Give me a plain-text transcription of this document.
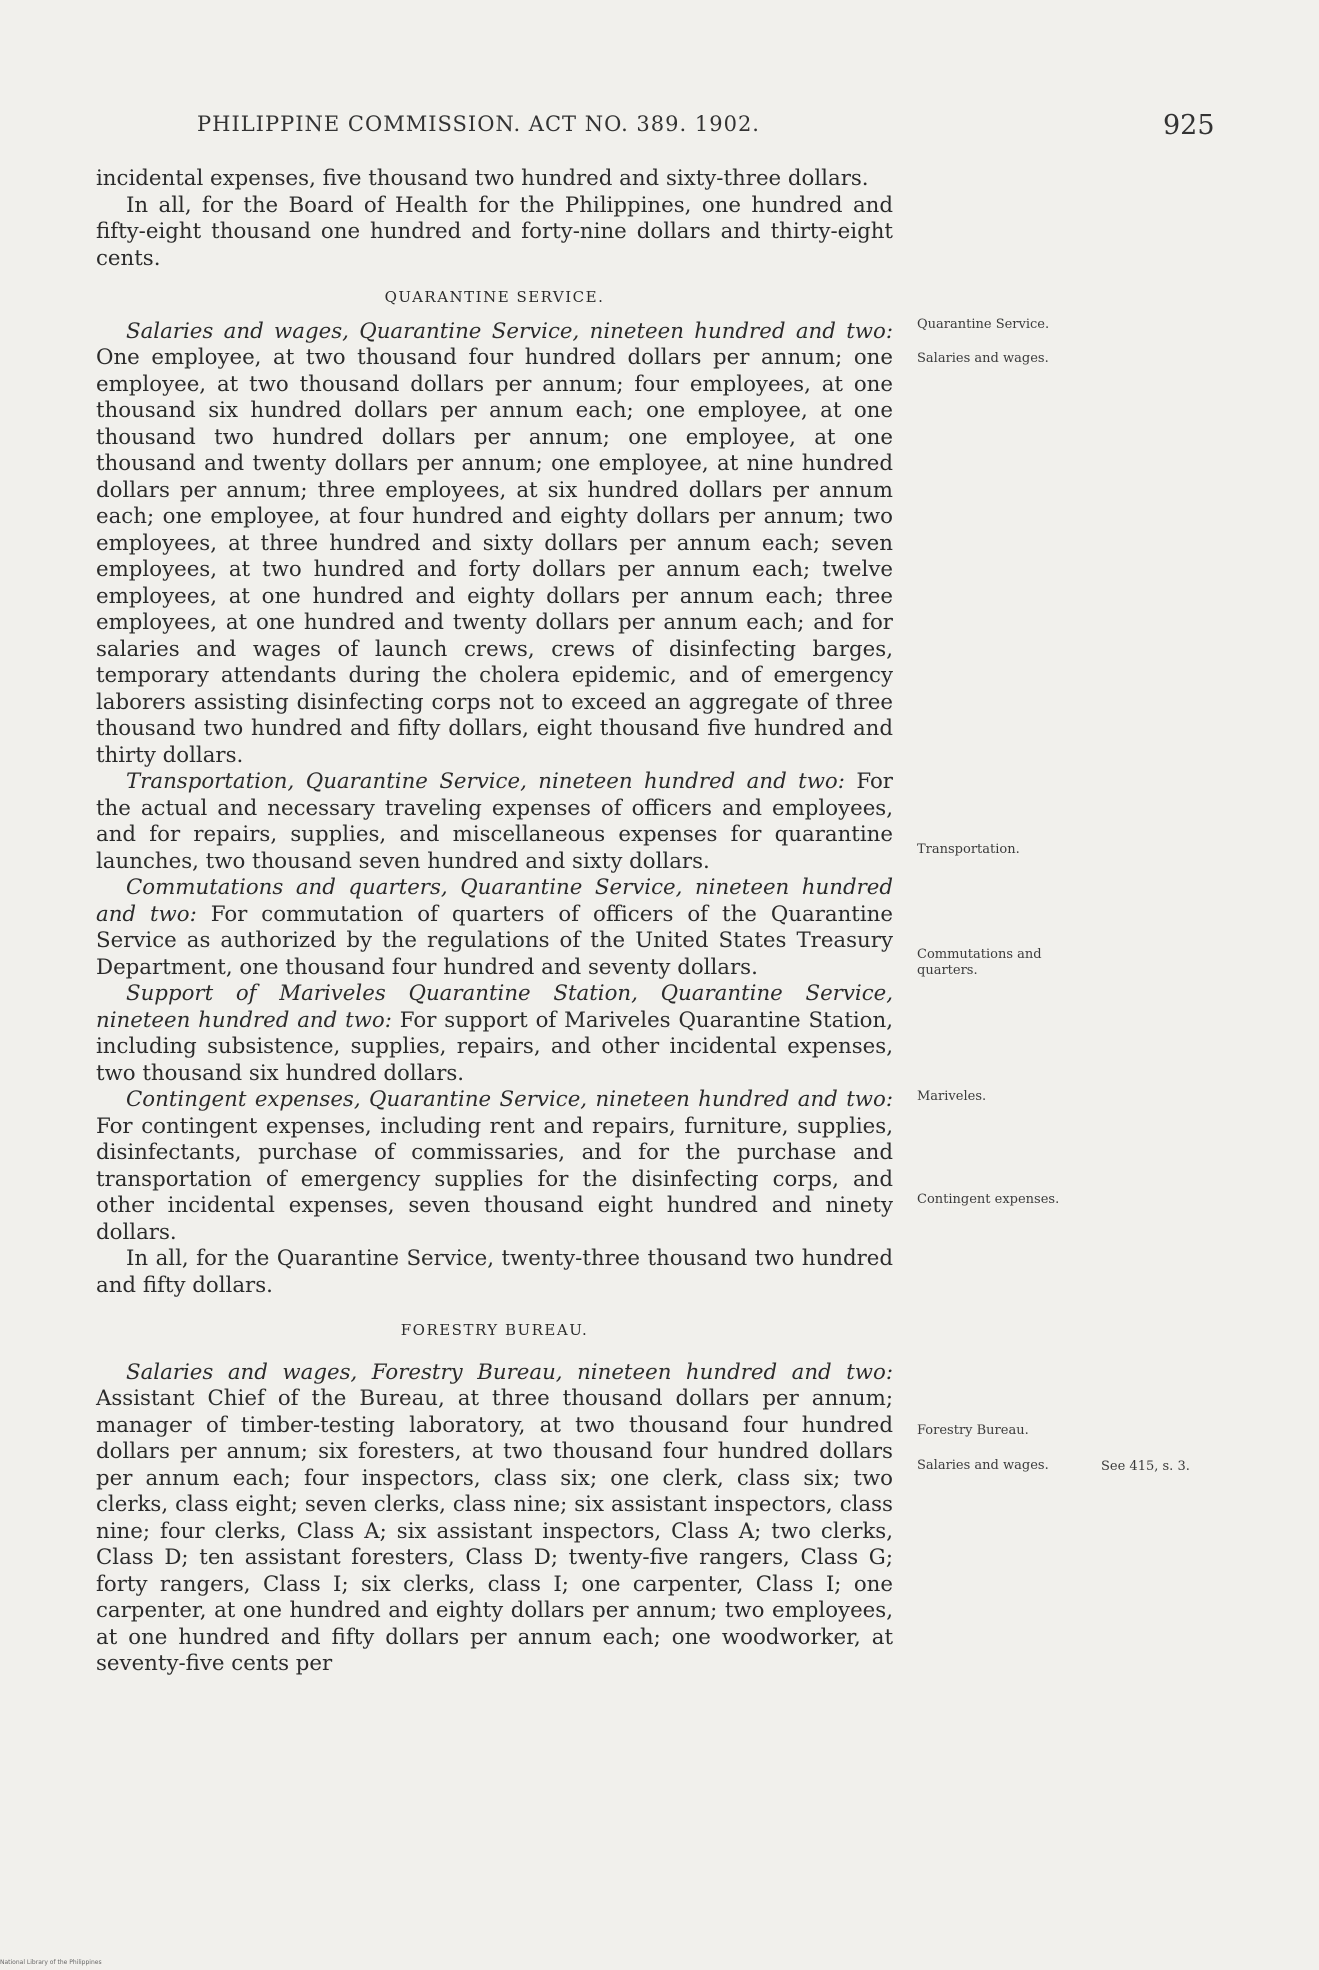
PHILIPPINE COMMISSION. ACT NO. 389. 1902.	925

incidental expenses, five thousand two hundred and sixty-three dollars.

In all, for the Board of Health for the Philippines, one hundred and fifty-eight thousand one hundred and forty-nine dollars and thirty-eight cents.

QUARANTINE SERVICE.

Salaries and wages, Quarantine Service, nineteen hundred and two: One employee, at two thousand four hundred dollars per annum; one employee, at two thousand dollars per annum; four employees, at one thousand six hundred dollars per annum each; one employee, at one thousand two hundred dollars per annum; one employee, at one thousand and twenty dollars per annum; one employee, at nine hundred dollars per annum; three employees, at six hundred dollars per annum each; one employee, at four hundred and eighty dollars per annum; two employees, at three hundred and sixty dollars per annum each; seven employees, at two hundred and forty dollars per annum each; twelve employees, at one hundred and eighty dollars per annum each; three employees, at one hundred and twenty dollars per annum each; and for salaries and wages of launch crews, crews of disinfecting barges, temporary attendants during the cholera epidemic, and of emergency laborers assisting disinfecting corps not to exceed an aggregate of three thousand two hundred and fifty dollars, eight thousand five hundred and thirty dollars.

Transportation, Quarantine Service, nineteen hundred and two: For the actual and necessary traveling expenses of officers and employees, and for repairs, supplies, and miscellaneous expenses for quarantine launches, two thousand seven hundred and sixty dollars.

Commutations and quarters, Quarantine Service, nineteen hundred and two: For commutation of quarters of officers of the Quarantine Service as authorized by the regulations of the United States Treasury Department, one thousand four hundred and seventy dollars.

Support of Mariveles Quarantine Station, Quarantine Service, nineteen hundred and two: For support of Mariveles Quarantine Station, including subsistence, supplies, repairs, and other incidental expenses, two thousand six hundred dollars.

Contingent expenses, Quarantine Service, nineteen hundred and two: For contingent expenses, including rent and repairs, furniture, supplies, disinfectants, purchase of commissaries, and for the purchase and transportation of emergency supplies for the disinfecting corps, and other incidental expenses, seven thousand eight hundred and ninety dollars.

In all, for the Quarantine Service, twenty-three thousand two hundred and fifty dollars.

FORESTRY BUREAU.

Salaries and wages, Forestry Bureau, nineteen hundred and two: Assistant Chief of the Bureau, at three thousand dollars per annum; manager of timber-testing laboratory, at two thousand four hundred dollars per annum; six foresters, at two thousand four hundred dollars per annum each; four inspectors, class six; one clerk, class six; two clerks, class eight; seven clerks, class nine; six assistant inspectors, class nine; four clerks, Class A; six assistant inspectors, Class A; two clerks, Class D; ten assistant foresters, Class D; twenty-five rangers, Class G; forty rangers, Class I; six clerks, class I; one carpenter, Class I; one carpenter, at one hundred and eighty dollars per annum; two employees, at one hundred and fifty dollars per annum each; one woodworker, at seventy-five cents per

Quarantine Service.
Salaries and wages.
Transportation.
Commutations and quarters.
Mariveles.
Contingent expenses.
Forestry Bureau.
Salaries and wages.	See 415, s. 3.
National Library of the Philippines
